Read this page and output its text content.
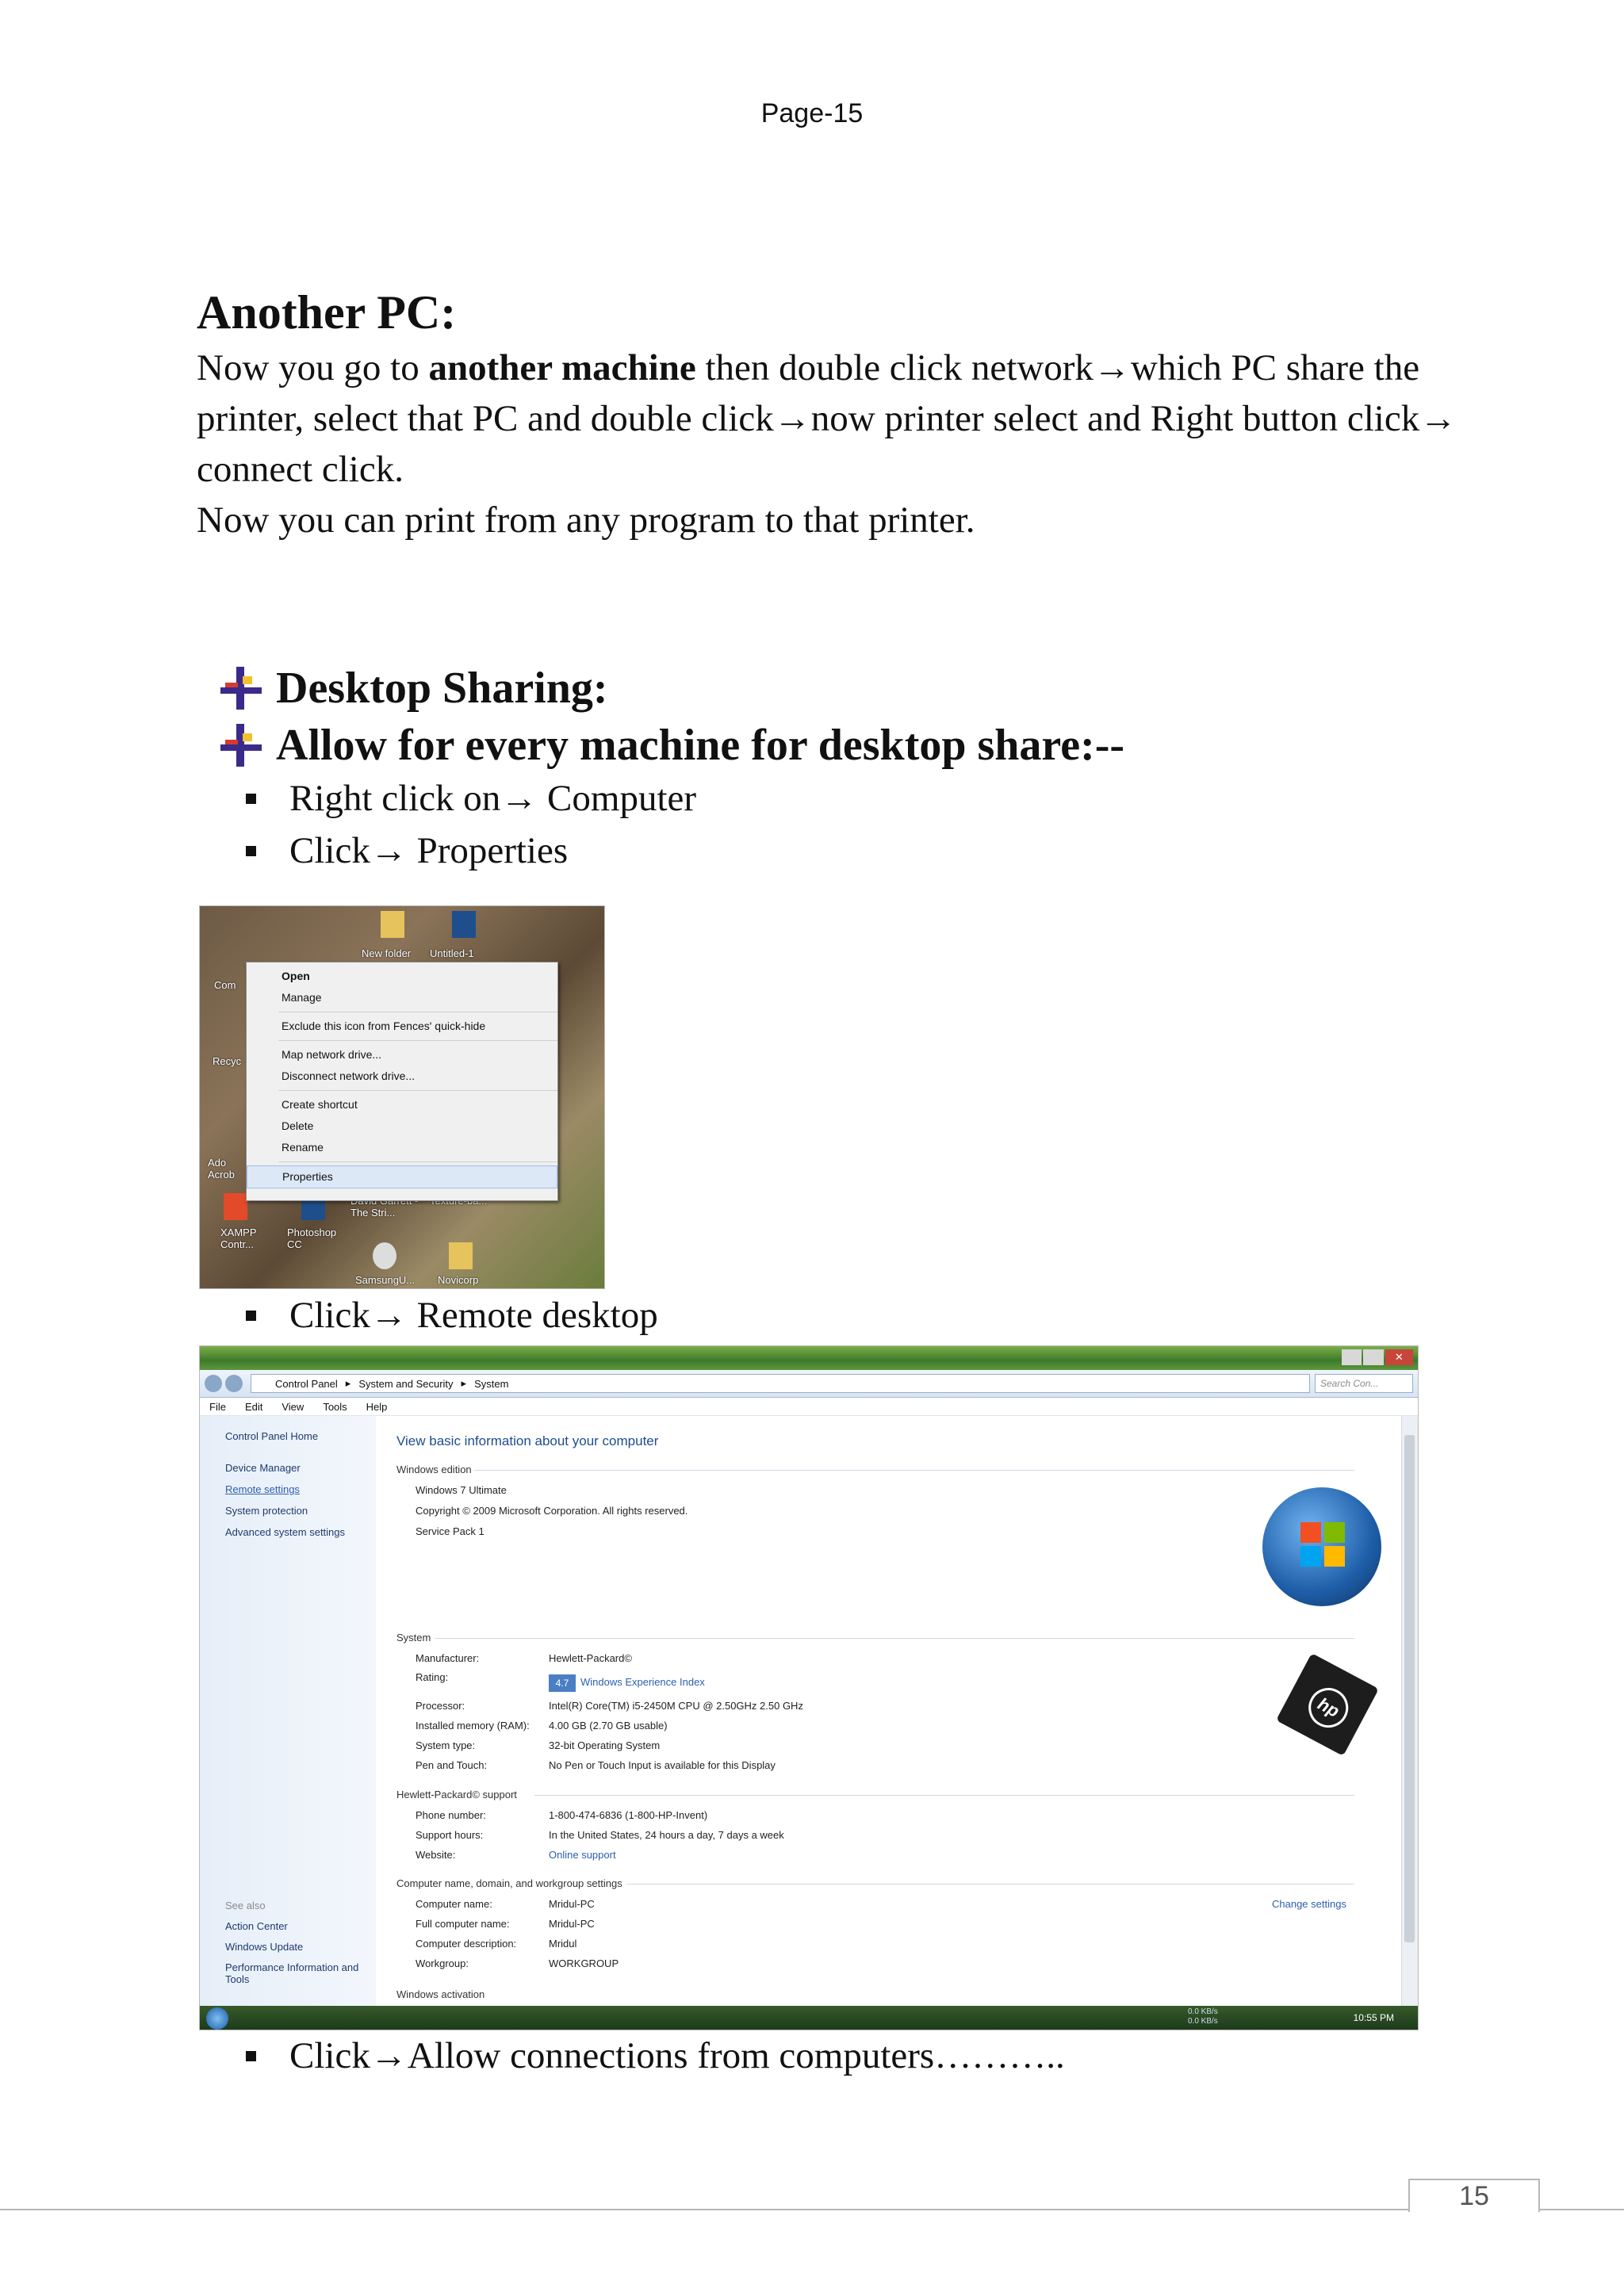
Page-15
Another PC:
Now you go to another machine then double click network→which PC share the printer, select that PC and double click→now printer select and Right button click→ connect click.
Now you can print from any program to that printer.
Desktop Sharing:
Allow for every machine for desktop share:--
Right click on→ Computer
Click→ Properties
New folder Untitled-1
Com
Recyc
Ado Acrob
XAMPP Contr...
Photoshop CC
The Stri...
SamsungU... Novicorp
Open
Manage
Exclude this icon from Fences' quick-hide
Map network drive...
Disconnect network drive...
Create shortcut
Delete
Rename
Properties
Click→ Remote desktop
✕
Control Panel ▸ System and Security ▸ System	Search Con...
File Edit View Tools Help
Control Panel Home
Device Manager
Remote settings
System protection
Advanced system settings
See also
Action Center
Windows Update
Performance Information and Tools
View basic information about your computer
Windows edition
Windows 7 Ultimate
Copyright © 2009 Microsoft Corporation. All rights reserved.
Service Pack 1
System
Manufacturer:	Hewlett-Packard©
Rating:	4.7	Windows Experience Index
Processor:	Intel(R) Core(TM) i5-2450M CPU @ 2.50GHz 2.50 GHz
Installed memory (RAM): 4.00 GB (2.70 GB usable)
System type:	32-bit Operating System
Pen and Touch:	No Pen or Touch Input is available for this Display
hp
Hewlett-Packard© support
Phone number:	1-800-474-6836 (1-800-HP-Invent)
Support hours:	In the United States, 24 hours a day, 7 days a week
Website:	Online support
Computer name, domain, and workgroup settings
Computer name:	Mridul-PC
Full computer name:	Mridul-PC
Computer description:	Mridul
Workgroup:	WORKGROUP
Change settings
Windows activation
0.0 KB/s
0.0 KB/s	10:55 PM
Click→Allow connections from computers………..
15
